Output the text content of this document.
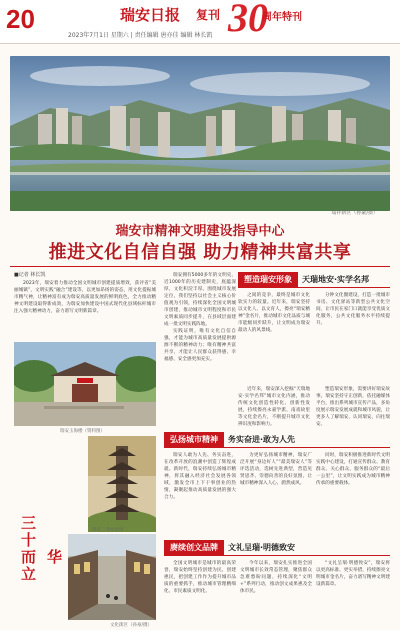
20	瑞安日报 复刊 30
周年特刊
2023年7月1日 星期六 | 责任编辑 唐亦佳 编辑 林长凯
瑞祥新区（孙豪/摄）
瑞安市精神文明建设指导中心
推进文化自信自强 助力精神共富共享
■记者 林长凯
2023年，瑞安着力推动全国文明城市创建提质增效，获评省“美丽城镇”，文明实践“融合”建设等，以更加昂扬的姿态，用文化提振城市精气神，让精神富有成为瑞安高质量发展的鲜明底色，全力推动精神文明建设取得新成效，为瑞安加快建设中国式现代化县域标杆城市注入强大精神动力，奋力谱写文明新篇章。
瑞安玉海楼（资料图）
瑞安三孝纪念馆
三十而立 华
文化街区（孙豪/摄）

瑞安拥有5000多年的文明史，近1000年的历史建制史，底蕴深厚，文化积淀丰厚。围绕城市发展定位，我们坚持以社会主义核心价值观为引领，持续深化全国文明城市创建，推动城市文明程度和市民文明素质同步提升，在县域层面建成一批文明实践阵地。

实践证明，唯有文化自信自强，才能为城市高质量发展提供源源不断的精神动力；唯有精神共富共享，才能让人民群众获得感、幸福感、安全感更加充实。

塑造瑞安形象	天瑞地安·实学名邦

之间的竞争，最终是城市文化软实力的较量。近年来，瑞安坚持以文化人、以文育人，擦亮“瑞安精神”金名片，推动城市文化品质与城市能级同步跃升，让文明成为瑞安最动人的风景线。

分钟文化圈建设，打造一批城市书房、文化驿站等新型公共文化空间，让市民在家门口就能享受优质文化服务，公共文化服务水平持续提升。

近年来，瑞安深入挖掘“天瑞地安·实学名邦”城市文化内涵，推动传统文化创造性转化、创新性发展，持续擦亮永嘉学派、南戏故里等文化金名片，不断提升城市文化辨识度和影响力。

塑造瑞安形象，需要讲好瑞安故事。瑞安坚持守正创新，依托融媒体平台，推出系列城市宣传产品，多角度展示瑞安发展成就和城市风貌，让更多人了解瑞安、认同瑞安、向往瑞安。

弘扬城市精神	务实奋进·敢为人先

瑞安人敢为人先、务实奋进，在改革开放的浪潮中创造了辉煌成就。新时代，瑞安持续弘扬城市精神，将其融入经济社会发展各领域，激发全市上下干事创业的热情，凝聚起推动高质量发展的强大合力。

为更好弘扬城市精神，瑞安广泛开展“身边好人”“最美瑞安人”等评选活动，选树先进典型，营造见贤思齐、崇德向善的良好氛围，让城市精神深入人心、蔚然成风。

同时，瑞安积极推进新时代文明实践中心建设，打通宣传群众、教育群众、关心群众、服务群众的“最后一公里”，让文明实践成为城市精神传承的重要载体。

赓续创文品牌	文礼呈瑞·明德致安

全国文明城市是城市的最高荣誉，瑞安始终坚持创建为民、创建惠民，把创建工作作为提升城市品质的重要抓手，推动城市管理精细化、市民素质文明化。

今年以来，瑞安扎实推进全国文明城市长效常态管理，聚焦群众急难愁盼问题，持续深化“文明+”系列行动，推动创文成果惠及全体市民。

“文礼呈瑞·明德致安”，瑞安将以更高标准、更实举措，持续擦亮文明城市金名片，奋力谱写精神文明建设新篇章。
